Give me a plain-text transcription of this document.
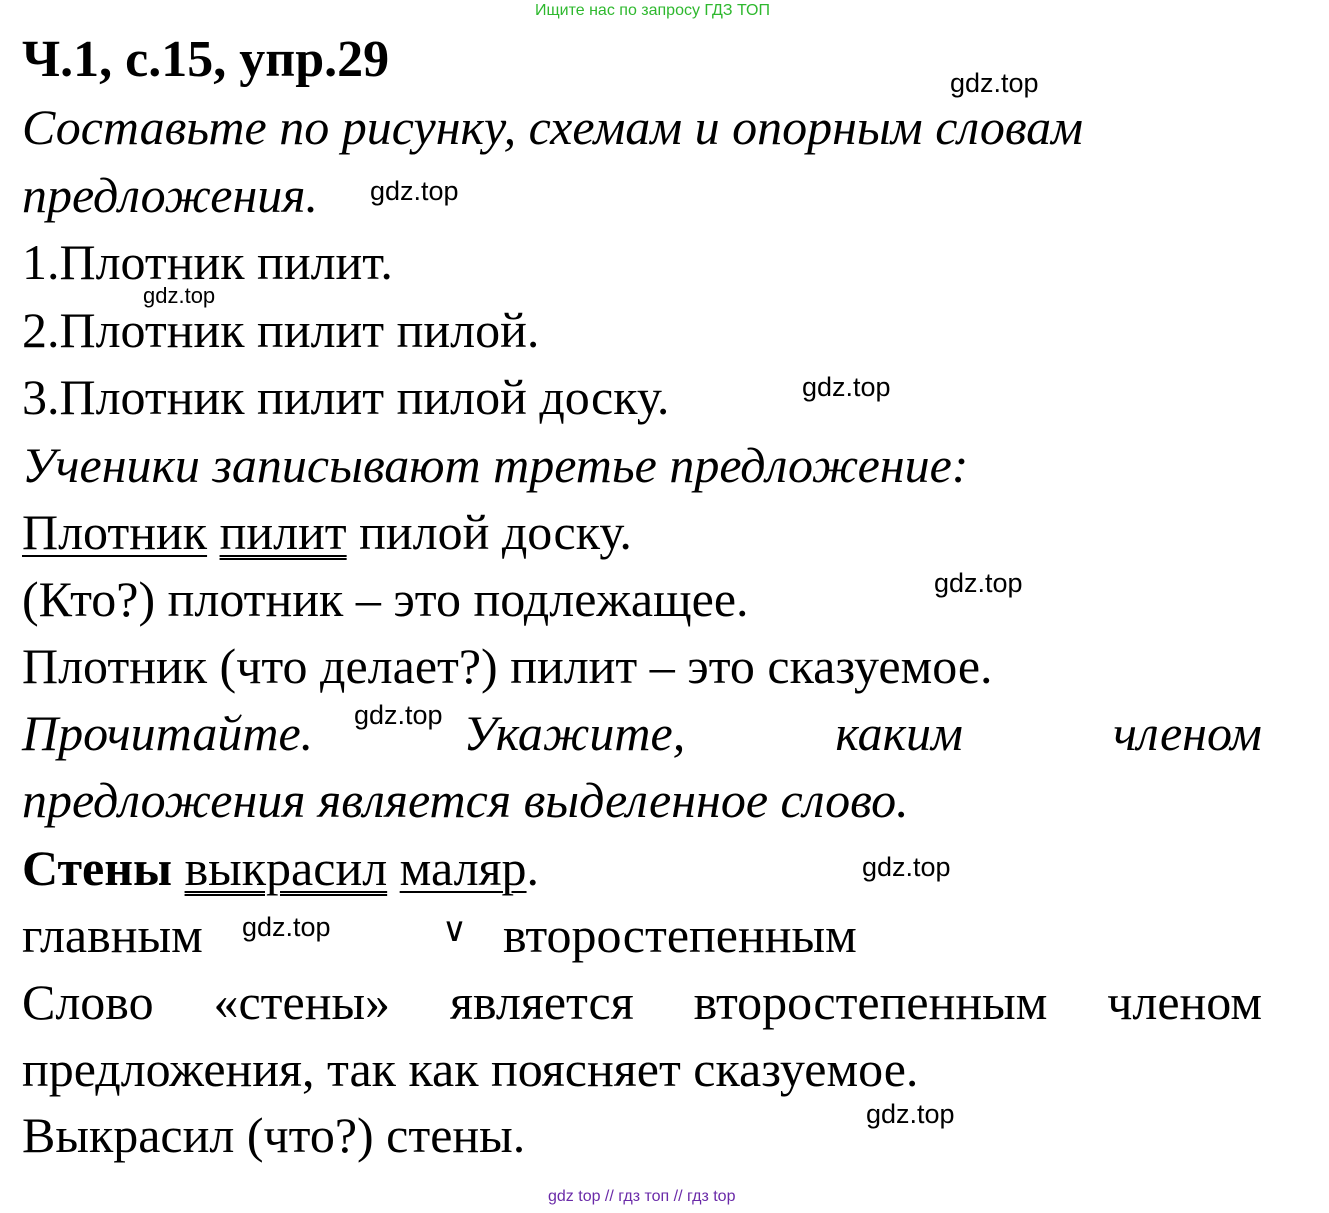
Ищите нас по запросу ГДЗ ТОП
Ч.1, с.15, упр.29	gdz.top
Составьте по рисунку, схемам и опорным словам
предложения. gdz.top
1.Плотник пилит.
gdz.top
2.Плотник пилит пилой.
3.Плотник пилит пилой доску.	gdz.top
Ученики записывают третье предложение:
Плотник пилит пилой доску.
(Кто?) плотник – это подлежащее.	gdz.top
Плотник (что делает?) пилит – это сказуемое.
Прочитайте.	Укажите,	каким	членом
gdz.top
предложения является выделенное слово.
Стены выкрасил маляр.	gdz.top
главным gdz.top	∨ второстепенным
Слово «стены» является второстепенным членом
предложения, так как поясняет сказуемое.
Выкрасил (что?) стены.	gdz.top
gdz top // гдз топ // гдз top
